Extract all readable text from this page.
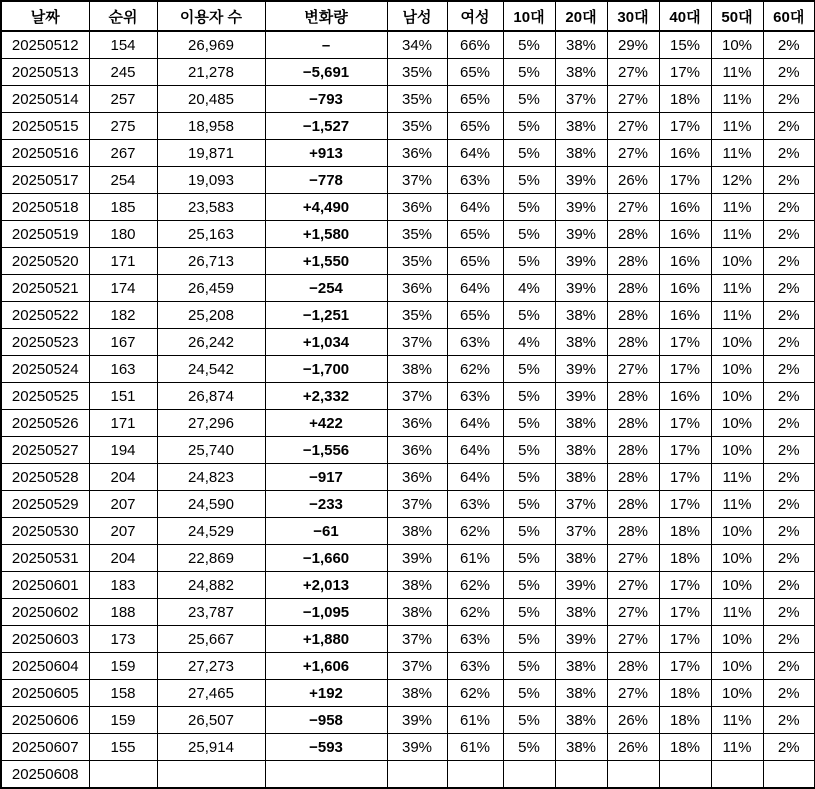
날짜	순위	이용자 수	변화량	남성	여성	10대	20대	30대	40대	50대	60대
20250512	154	26,969	–	34%	66%	5%	38%	29%	15%	10%	2%
20250513	245	21,278	−5,691	35%	65%	5%	38%	27%	17%	11%	2%
20250514	257	20,485	−793	35%	65%	5%	37%	27%	18%	11%	2%
20250515	275	18,958	−1,527	35%	65%	5%	38%	27%	17%	11%	2%
20250516	267	19,871	+913	36%	64%	5%	38%	27%	16%	11%	2%
20250517	254	19,093	−778	37%	63%	5%	39%	26%	17%	12%	2%
20250518	185	23,583	+4,490	36%	64%	5%	39%	27%	16%	11%	2%
20250519	180	25,163	+1,580	35%	65%	5%	39%	28%	16%	11%	2%
20250520	171	26,713	+1,550	35%	65%	5%	39%	28%	16%	10%	2%
20250521	174	26,459	−254	36%	64%	4%	39%	28%	16%	11%	2%
20250522	182	25,208	−1,251	35%	65%	5%	38%	28%	16%	11%	2%
20250523	167	26,242	+1,034	37%	63%	4%	38%	28%	17%	10%	2%
20250524	163	24,542	−1,700	38%	62%	5%	39%	27%	17%	10%	2%
20250525	151	26,874	+2,332	37%	63%	5%	39%	28%	16%	10%	2%
20250526	171	27,296	+422	36%	64%	5%	38%	28%	17%	10%	2%
20250527	194	25,740	−1,556	36%	64%	5%	38%	28%	17%	10%	2%
20250528	204	24,823	−917	36%	64%	5%	38%	28%	17%	11%	2%
20250529	207	24,590	−233	37%	63%	5%	37%	28%	17%	11%	2%
20250530	207	24,529	−61	38%	62%	5%	37%	28%	18%	10%	2%
20250531	204	22,869	−1,660	39%	61%	5%	38%	27%	18%	10%	2%
20250601	183	24,882	+2,013	38%	62%	5%	39%	27%	17%	10%	2%
20250602	188	23,787	−1,095	38%	62%	5%	38%	27%	17%	11%	2%
20250603	173	25,667	+1,880	37%	63%	5%	39%	27%	17%	10%	2%
20250604	159	27,273	+1,606	37%	63%	5%	38%	28%	17%	10%	2%
20250605	158	27,465	+192	38%	62%	5%	38%	27%	18%	10%	2%
20250606	159	26,507	−958	39%	61%	5%	38%	26%	18%	11%	2%
20250607	155	25,914	−593	39%	61%	5%	38%	26%	18%	11%	2%
20250608											
